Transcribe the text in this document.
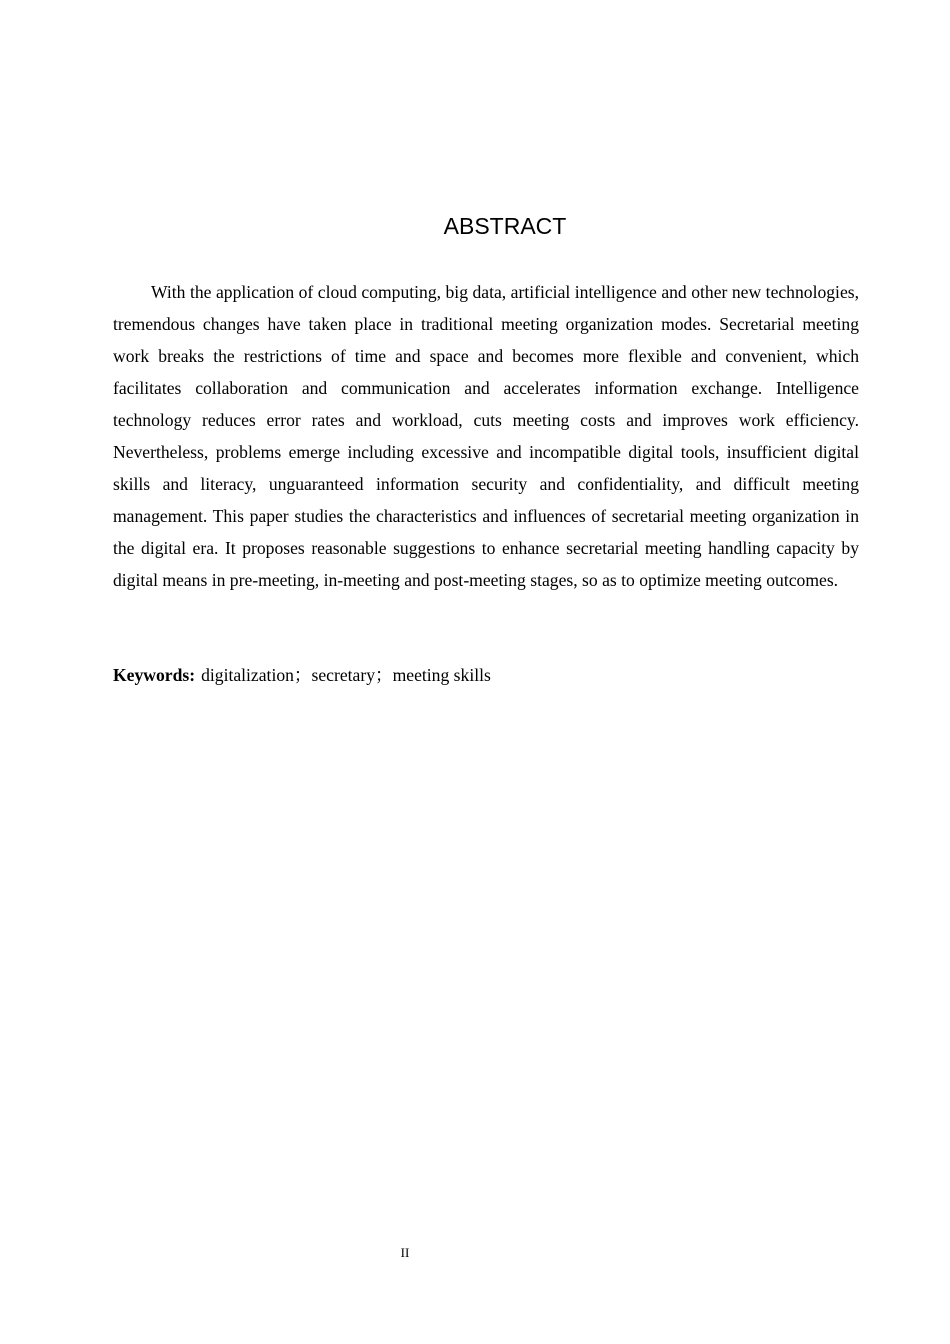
ABSTRACT

With the application of cloud computing, big data, artificial intelligence and other new technologies, tremendous changes have taken place in traditional meeting organization modes. Secretarial meeting work breaks the restrictions of time and space and becomes more flexible and convenient, which facilitates collaboration and communication and accelerates information exchange. Intelligence technology reduces error rates and workload, cuts meeting costs and improves work efficiency. Nevertheless, problems emerge including excessive and incompatible digital tools, insufficient digital skills and literacy, unguaranteed information security and confidentiality, and difficult meeting management. This paper studies the characteristics and influences of secretarial meeting organization in the digital era. It proposes reasonable suggestions to enhance secretarial meeting handling capacity by digital means in pre-meeting, in-meeting and post-meeting stages, so as to optimize meeting outcomes.

Keywords: digitalization；secretary；meeting skills

II
